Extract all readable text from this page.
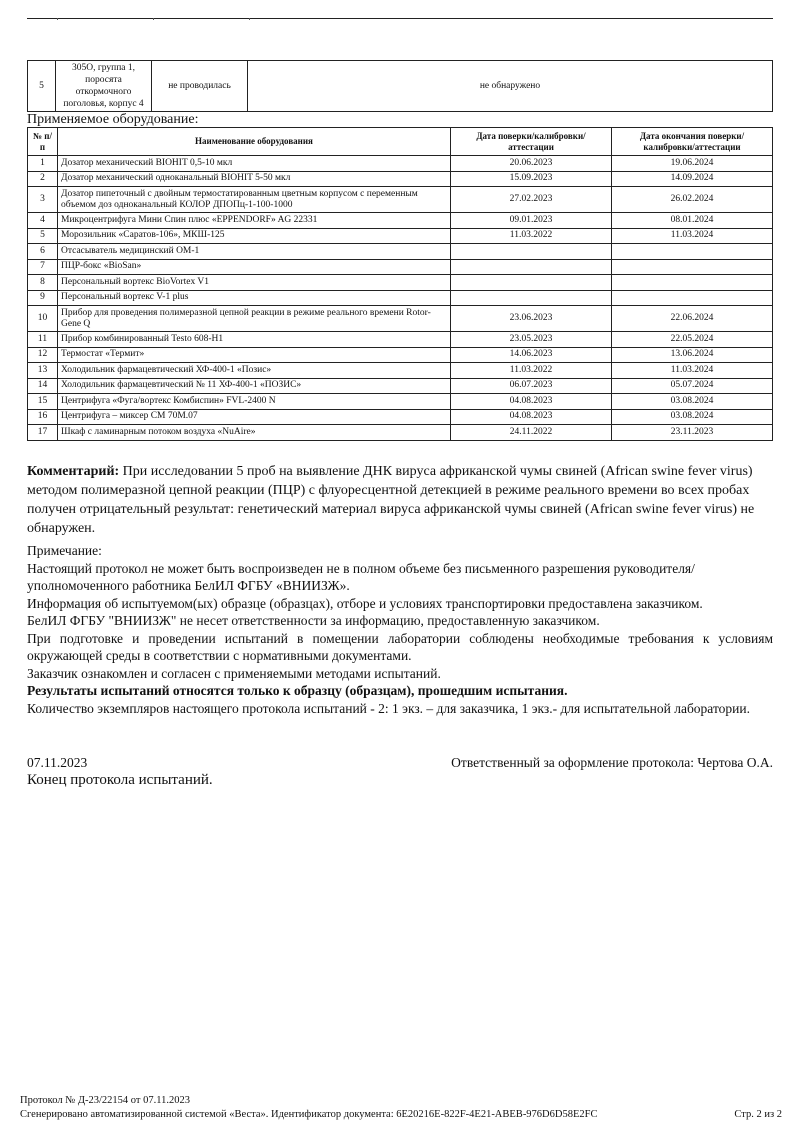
5	305О, группа 1, поросята откормочного поголовья, корпус 4	не проводилась	не обнаружено
Применяемое оборудование:
№ п/п	Наименование оборудования	Дата поверки/калибровки/аттестации	Дата окончания поверки/калибровки/аттестации
1	Дозатор механический BIOHIT 0,5-10 мкл	20.06.2023	19.06.2024
2	Дозатор механический одноканальный BIOHIT 5-50 мкл	15.09.2023	14.09.2024
3	Дозатор пипеточный с двойным термостатированным цветным корпусом с переменным объемом доз одноканальный КОЛОР ДПОПц-1-100-1000	27.02.2023	26.02.2024
4	Микроцентрифуга Мини Спин плюс «EPPENDORF» AG 22331	09.01.2023	08.01.2024
5	Морозильник «Саратов-106», МКШ-125	11.03.2022	11.03.2024
6	Отсасыватель медицинский ОМ-1		
7	ПЦР-бокс «BioSan»		
8	Персональный вортекс BioVortex V1		
9	Персональный вортекс V-1 plus		
10	Прибор для проведения полимеразной цепной реакции в режиме реального времени Rotor-Gene Q	23.06.2023	22.06.2024
11	Прибор комбинированный Testo 608-H1	23.05.2023	22.05.2024
12	Термостат «Термит»	14.06.2023	13.06.2024
13	Холодильник фармацевтический ХФ-400-1 «Позис»	11.03.2022	11.03.2024
14	Холодильник фармацевтический № 11 ХФ-400-1 «ПОЗИС»	06.07.2023	05.07.2024
15	Центрифуга «Фуга/вортекс Комбиспин» FVL-2400 N	04.08.2023	03.08.2024
16	Центрифуга – миксер СМ 70М.07	04.08.2023	03.08.2024
17	Шкаф с ламинарным потоком воздуха «NuAire»	24.11.2022	23.11.2023
Комментарий: При исследовании 5 проб на выявление ДНК вируса африканской чумы свиней (African swine fever virus) методом полимеразной цепной реакции (ПЦР) с флуоресцентной детекцией в режиме реального времени во всех пробах получен отрицательный результат: генетический материал вируса африканской чумы свиней (African swine fever virus) не обнаружен.

Примечание:

Настоящий протокол не может быть воспроизведен не в полном объеме без письменного разрешения руководителя/уполномоченного работника БелИЛ ФГБУ «ВНИИЗЖ».

Информация об испытуемом(ых) образце (образцах), отборе и условиях транспортировки предоставлена заказчиком.

БелИЛ ФГБУ "ВНИИЗЖ" не несет ответственности за информацию, предоставленную заказчиком.

При подготовке и проведении испытаний в помещении лаборатории соблюдены необходимые требования к условиям окружающей среды в соответствии с нормативными документами.

Заказчик ознакомлен и согласен с применяемыми методами испытаний.

Результаты испытаний относятся только к образцу (образцам), прошедшим испытания.

Количество экземпляров настоящего протокола испытаний - 2: 1 экз. – для заказчика, 1 экз.- для испытательной лаборатории.

07.11.2023	Ответственный за оформление протокола: Чертова О.А.
Конец протокола испытаний.
Протокол № Д-23/22154 от 07.11.2023
Сгенерировано автоматизированной системой «Веста». Идентификатор документа: 6E20216E-822F-4E21-ABEB-976D6D58E2FC	Стр. 2 из 2
